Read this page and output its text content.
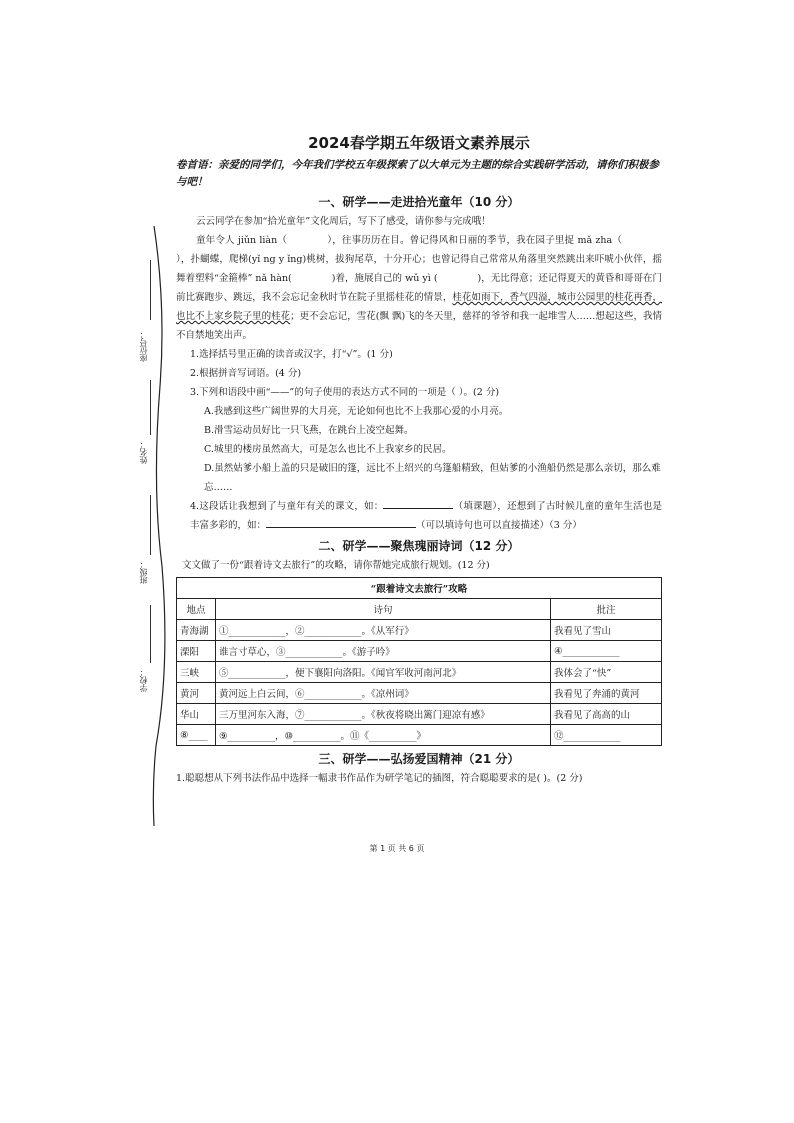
座位号：
姓名：
班级：
学校：
2024春学期五年级语文素养展示

卷首语：亲爱的同学们，今年我们学校五年级探索了以大单元为主题的综合实践研学活动，请你们积极参与吧！

一、研学——走进拾光童年（10 分）

云云同学在参加“拾光童年”文化周后，写下了感受，请你参与完成哦！

童年令人 jiǔn liàn（	），往事历历在目。曾记得风和日丽的季节，我在园子里捉 mǎ zha（），扑蝴蝶，爬梯(yǐ ng y ǐng)桃树，拔狗尾草，十分开心；也曾记得自己常常从角落里突然跳出来吓唬小伙伴，摇舞着塑料“金箍棒” nǎ hàn(	)着，施展自己的 wǔ yì (	)，无比得意；还记得夏天的黄昏和哥哥在门前比赛跑步、跳远，我不会忘记金秋时节在院子里摇桂花的情景，桂花如雨下，香气四溢，城市公园里的桂花再香，也比不上家乡院子里的桂花；更不会忘记，雪花(飘 飘)飞的冬天里，慈祥的爷爷和我一起堆雪人……想起这些，我情不自禁地笑出声。

1.选择括号里正确的读音或汉字，打“√”。(1 分)

2.根据拼音写词语。(4 分)

3.下列和语段中画“——”的句子使用的表达方式不同的一项是（ ）。(2 分)

A.我感到这些广阔世界的大月亮，无论如何也比不上我那心爱的小月亮。

B.滑雪运动员好比一只飞燕，在跳台上凌空起舞。

C.城里的楼房虽然高大，可是怎么也比不上我家乡的民居。

D.虽然姑爹小船上盖的只是破旧的篷，远比不上绍兴的乌篷船精致，但姑爹的小渔船仍然是那么亲切，那么难忘……

4.这段话让我想到了与童年有关的课文，如：	（填课题），还想到了古时候儿童的童年生活也是丰富多彩的，如：	（可以填诗句也可以直接描述）（3 分）

二、研学——聚焦瑰丽诗词（12 分）

文文做了一份“跟着诗文去旅行”的攻略，请你帮她完成旅行规划。(12 分)

“跟着诗文去旅行”攻略		
地点	诗句	批注
青海湖	①____________，②____________。《从军行》	我看见了雪山
溧阳	谁言寸草心，③____________。《游子吟》	④____________
三峡	⑤____________，便下襄阳向洛阳。《闻官军收河南河北》	我体会了“快”
黄河	黄河远上白云间，⑥____________。《凉州词》	我看见了奔涌的黄河
华山	三万里河东入海，⑦____________。《秋夜将晓出篱门迎凉有感》	我看见了高高的山
⑧____	⑨__________，⑩__________。⑪《__________》	⑫____________
三、研学——弘扬爱国精神（21 分）

1.聪聪想从下列书法作品中选择一幅隶书作品作为研学笔记的插图，符合聪聪要求的是( )。(2 分)

第 1 页 共 6 页
